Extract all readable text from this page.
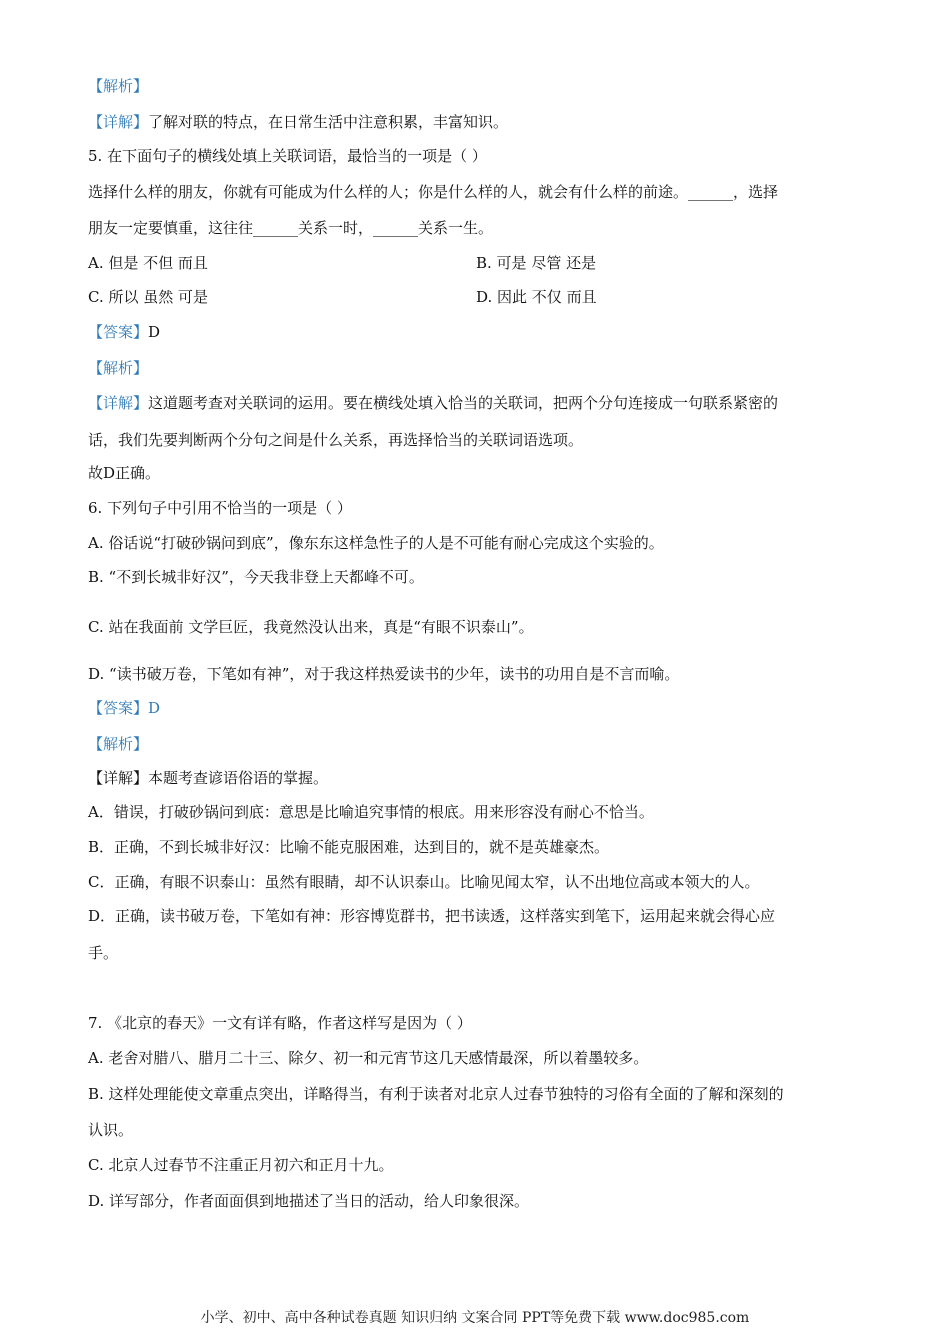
【解析】
【详解】了解对联的特点，在日常生活中注意积累，丰富知识。
5. 在下面句子的横线处填上关联词语，最恰当的一项是（ ）
选择什么样的朋友，你就有可能成为什么样的人；你是什么样的人，就会有什么样的前途。______，选择
朋友一定要慎重，这往往______关系一时，______关系一生。
A. 但是 不但 而且	B. 可是 尽管 还是
C. 所以 虽然 可是	D. 因此 不仅 而且
【答案】D
【解析】
【详解】这道题考查对关联词的运用。要在横线处填入恰当的关联词，把两个分句连接成一句联系紧密的
话，我们先要判断两个分句之间是什么关系，再选择恰当的关联词语选项。
故D正确。
6. 下列句子中引用不恰当的一项是（ ）
A. 俗话说“打破砂锅问到底”，像东东这样急性子的人是不可能有耐心完成这个实验的。
B. “不到长城非好汉”，今天我非登上天都峰不可。
C. 站在我面前 文学巨匠，我竟然没认出来，真是“有眼不识泰山”。
D. “读书破万卷，下笔如有神”，对于我这样热爱读书的少年，读书的功用自是不言而喻。
【答案】D
【解析】
【详解】本题考查谚语俗语的掌握。
A．错误，打破砂锅问到底：意思是比喻追究事情的根底。用来形容没有耐心不恰当。
B．正确，不到长城非好汉：比喻不能克服困难，达到目的，就不是英雄豪杰。
C．正确，有眼不识泰山：虽然有眼睛，却不认识泰山。比喻见闻太窄，认不出地位高或本领大的人。
D．正确，读书破万卷，下笔如有神：形容博览群书，把书读透，这样落实到笔下，运用起来就会得心应
手。
7. 《北京的春天》一文有详有略，作者这样写是因为（ ）
A. 老舍对腊八、腊月二十三、除夕、初一和元宵节这几天感情最深，所以着墨较多。
B. 这样处理能使文章重点突出，详略得当，有利于读者对北京人过春节独特的习俗有全面的了解和深刻的
认识。
C. 北京人过春节不注重正月初六和正月十九。
D. 详写部分，作者面面俱到地描述了当日的活动，给人印象很深。
小学、初中、高中各种试卷真题 知识归纳 文案合同 PPT等免费下载 www.doc985.com
